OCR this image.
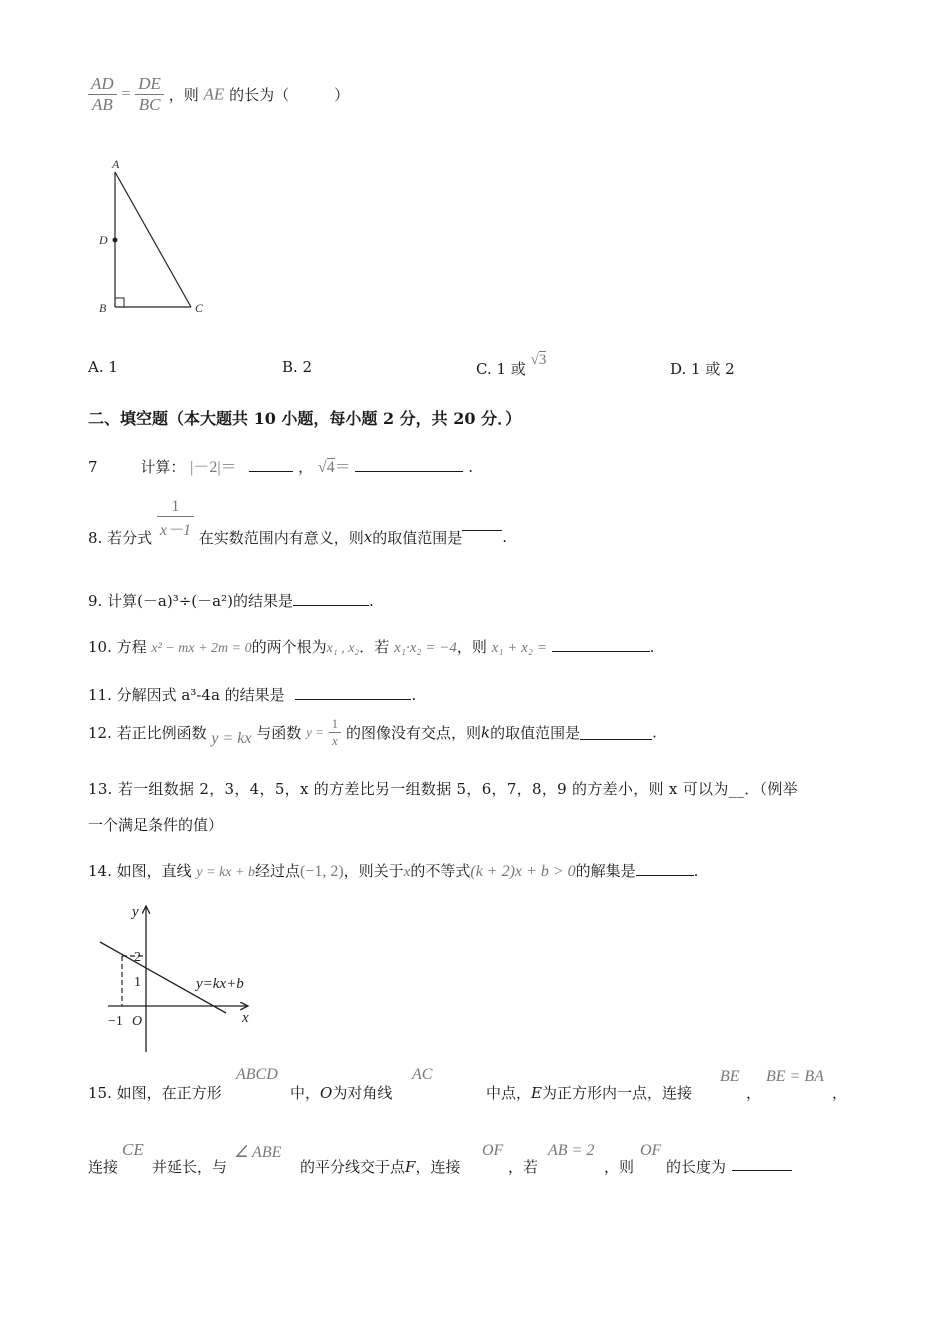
$\frac{AD}{AB} = \frac{DE}{BC}$ ，则 AE 的长为（　　　）
A
D
B	C
A. 1	B. 2	C. 1 或 √3	D. 1 或 2
二、填空题（本大题共 10 小题，每小题 2 分，共 20 分．）
7	计算： |－2|＝	， √4＝	.
8. 若分式 $\frac{1}{x-1}$ 在实数范围内有意义，则x的取值范围是	.
9. 计算(－a)³÷(－a²)的结果是	.
10. 方程 x² − mx + 2m = 0的两个根为x₁ , x₂．若 x₁·x₂ = −4，则 x₁ + x₂ =	.
11. 分解因式 a³-4a 的结果是	.
12. 若正比例函数 y = kx 与函数 $y = \frac{1}{x}$ 的图像没有交点，则k的取值范围是	.
13. 若一组数据 2，3，4，5，x 的方差比另一组数据 5，6，7，8，9 的方差小，则 x 可以为__．（例举
一个满足条件的值）
14. 如图，直线 y = kx + b经过点(−1, 2)，则关于x的不等式(k + 2)x + b > 0的解集是	.
y
x
2
1
−1 O
y=kx+b
15. 如图，在正方形
ABCD
中，O为对角线
AC
中点，E为正方形内一点，连接
BE
，
BE = BA
，
连接
CE
并延长，与
∠ ABE
的平分线交于点F，连接
OF
，若
AB = 2
，则
OF
的长度为
